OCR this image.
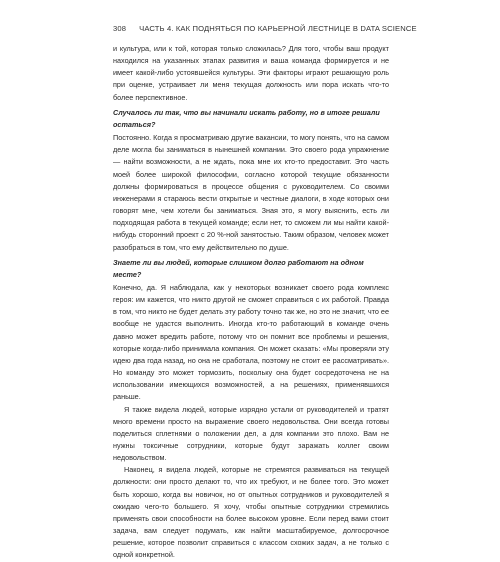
308 ЧАСТЬ 4. КАК ПОДНЯТЬСЯ ПО КАРЬЕРНОЙ ЛЕСТНИЦЕ В DATA SCIENCE

и культура, или к той, которая только сложилась? Для того, чтобы ваш продукт находился на указанных этапах развития и ваша команда формируется и не имеет какой-либо устоявшейся культуры. Эти факторы играют решающую роль при оценке, устраивает ли меня текущая должность или пора искать что-то более перспективное.

Случалось ли так, что вы начинали искать работу, но в итоге решали остаться?

Постоянно. Когда я просматриваю другие вакансии, то могу понять, что на самом деле могла бы заниматься в нынешней компании. Это своего рода упражнение — найти возможности, а не ждать, пока мне их кто-то предоставит. Это часть моей более широкой философии, согласно которой текущие обязанности должны формироваться в процессе общения с руководителем. Со своими инженерами я стараюсь вести открытые и честные диалоги, в ходе которых они говорят мне, чем хотели бы заниматься. Зная это, я могу выяснить, есть ли подходящая работа в текущей команде; если нет, то сможем ли мы найти какой-нибудь сторонний проект с 20 %-ной занятостью. Таким образом, человек может разобраться в том, что ему действительно по душе.

Знаете ли вы людей, которые слишком долго работают на одном месте?

Конечно, да. Я наблюдала, как у некоторых возникает своего рода комплекс героя: им кажется, что никто другой не сможет справиться с их работой. Правда в том, что никто не будет делать эту работу точно так же, но это не значит, что ее вообще не удастся выполнить. Иногда кто-то работающий в команде очень давно может вредить работе, потому что он помнит все проблемы и решения, которые когда-либо принимала компания. Он может сказать: «Мы проверяли эту идею два года назад, но она не сработала, поэтому не стоит ее рассматривать». Но команду это может тормозить, поскольку она будет сосредоточена не на использовании имеющихся возможностей, а на решениях, применявшихся раньше.

Я также видела людей, которые изрядно устали от руководителей и тратят много времени просто на выражение своего недовольства. Они всегда готовы поделиться сплетнями о положении дел, а для компании это плохо. Вам не нужны токсичные сотрудники, которые будут заражать коллег своим недовольством.

Наконец, я видела людей, которые не стремятся развиваться на текущей должности: они просто делают то, что их требуют, и не более того. Это может быть хорошо, когда вы новичок, но от опытных сотрудников и руководителей я ожидаю чего-то большего. Я хочу, чтобы опытные сотрудники стремились применять свои способности на более высоком уровне. Если перед вами стоит задача, вам следует подумать, как найти масштабируемое, долгосрочное решение, которое позволит справиться с классом схожих задач, а не только с одной конкретной.
